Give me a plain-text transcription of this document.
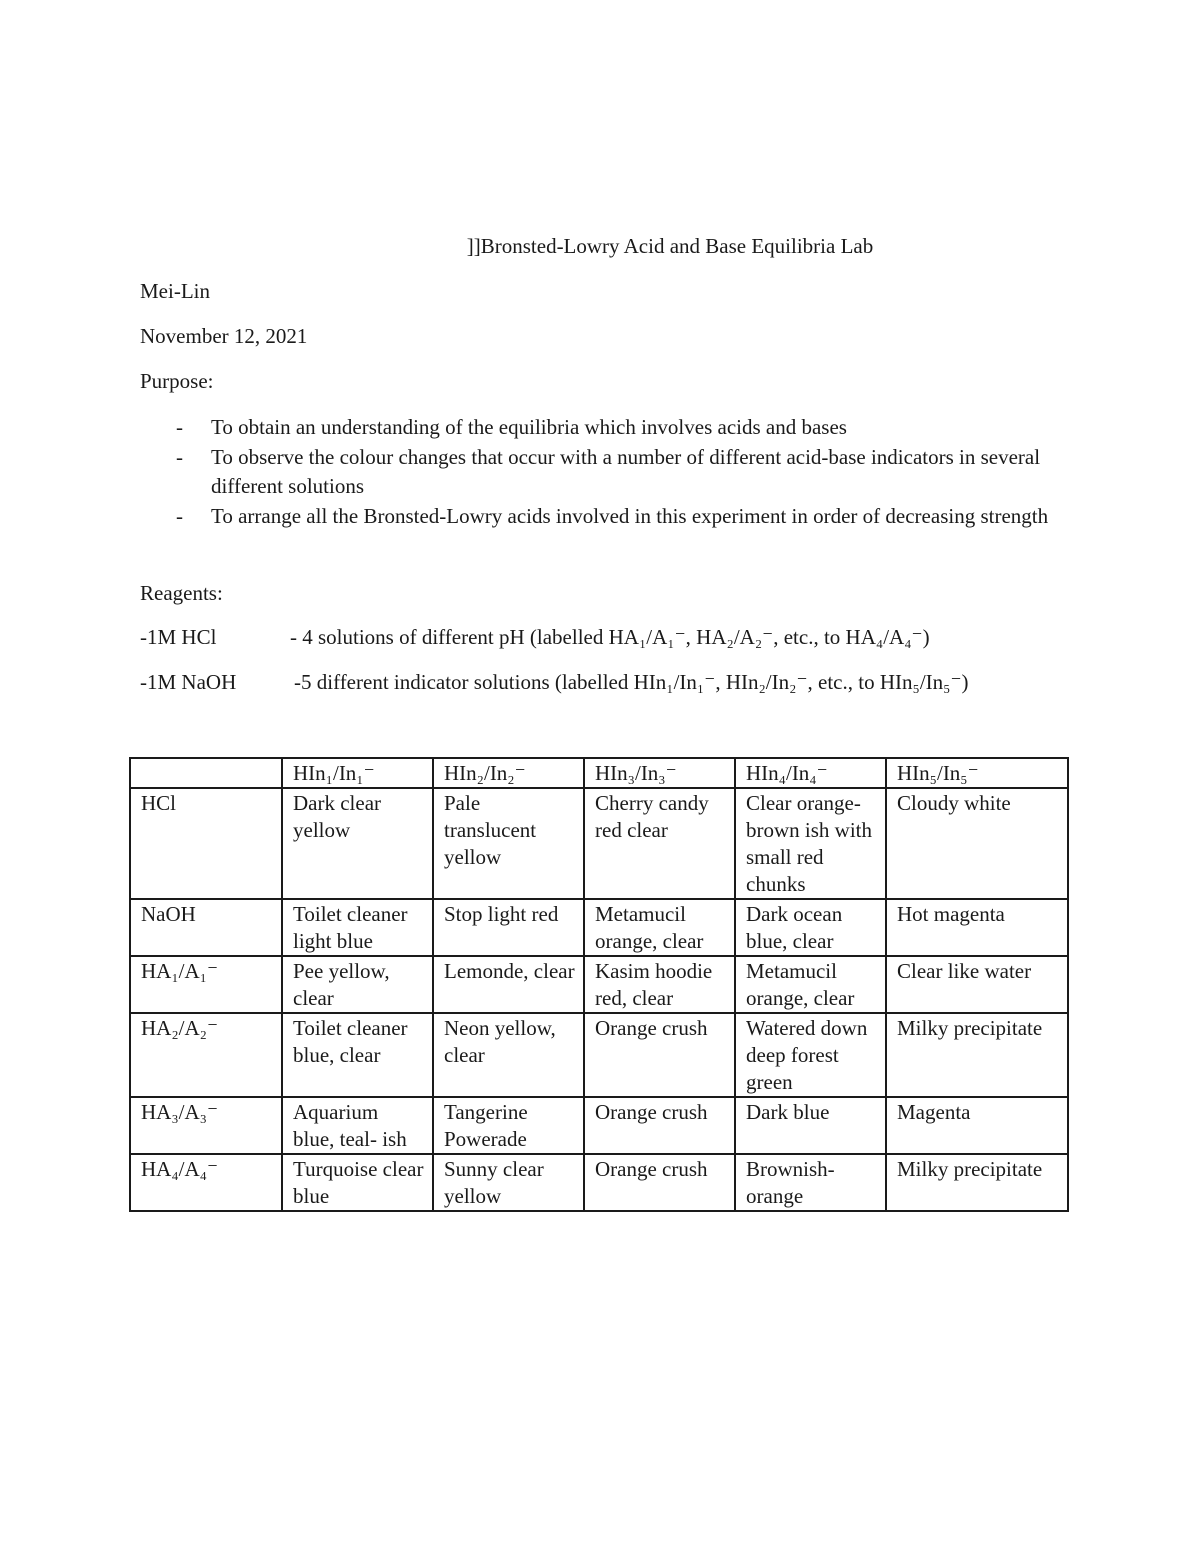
]]Bronsted-Lowry Acid and Base Equilibria Lab
Mei-Lin
November 12, 2021
Purpose:
- To obtain an understanding of the equilibria which involves acids and bases
- To observe the colour changes that occur with a number of different acid-base indicators in several different solutions
- To arrange all the Bronsted-Lowry acids involved in this experiment in order of decreasing strength
Reagents:
-1M HCl	- 4 solutions of different pH (labelled HA₁/A₁⁻, HA₂/A₂⁻, etc., to HA₄/A₄⁻)
-1M NaOH	-5 different indicator solutions (labelled HIn₁/In₁⁻, HIn₂/In₂⁻, etc., to HIn₅/In₅⁻)
	HIn₁/In₁⁻	HIn₂/In₂⁻	HIn₃/In₃⁻	HIn₄/In₄⁻	HIn₅/In₅⁻
HCl	Dark clear yellow	Pale translucent yellow	Cherry candy red clear	Clear orange-brown ish with small red chunks	Cloudy white
NaOH	Toilet cleaner light blue	Stop light red	Metamucil orange, clear	Dark ocean blue, clear	Hot magenta
HA₁/A₁⁻	Pee yellow, clear	Lemonde, clear	Kasim hoodie red, clear	Metamucil orange, clear	Clear like water
HA₂/A₂⁻	Toilet cleaner blue, clear	Neon yellow, clear	Orange crush	Watered down deep forest green	Milky precipitate
HA₃/A₃⁻	Aquarium blue, teal- ish	Tangerine Powerade	Orange crush	Dark blue	Magenta
HA₄/A₄⁻	Turquoise clear blue	Sunny clear yellow	Orange crush	Brownish-orange	Milky precipitate
